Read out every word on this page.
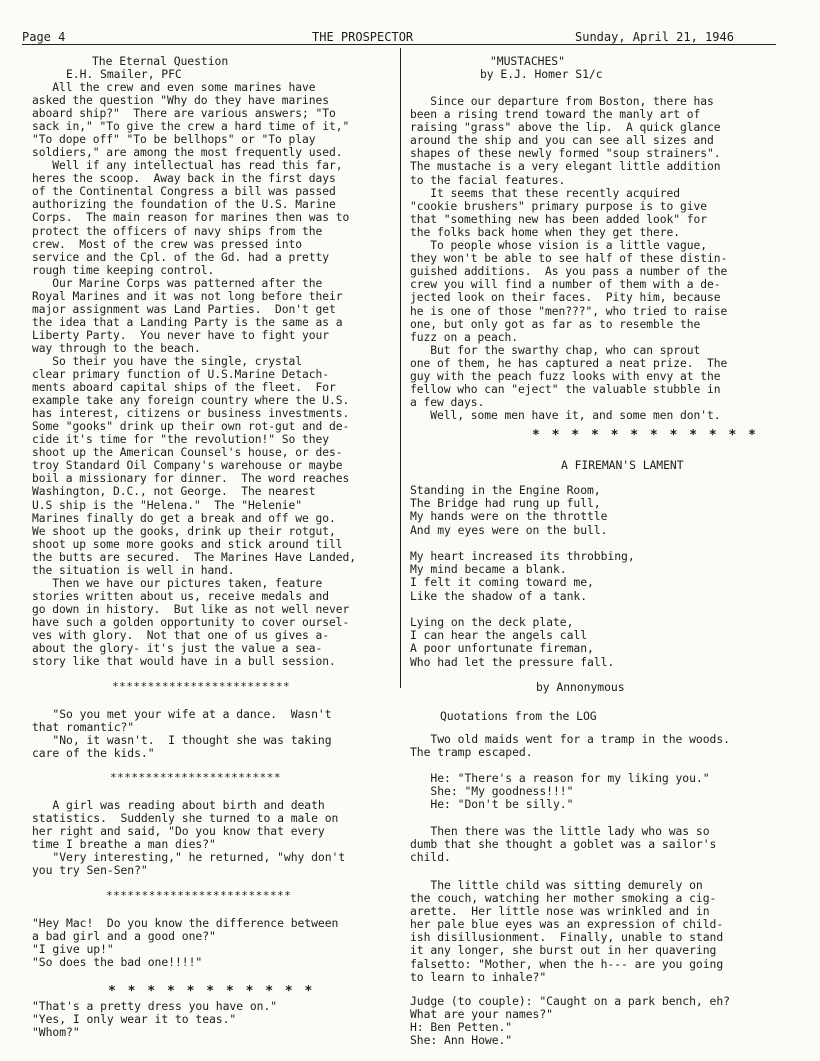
Page 4	THE PROSPECTOR	Sunday, April 21, 1946
The Eternal Question
E.H. Smailer, PFC
All the crew and even some marines have
asked the question "Why do they have marines
aboard ship?"  There are various answers; "To
sack in," "To give the crew a hard time of it,"
"To dope off" "To be bellhops" or "To play
soldiers," are among the most frequently used.
Well if any intellectual has read this far,
heres the scoop.  Away back in the first days
of the Continental Congress a bill was passed
authorizing the foundation of the U.S. Marine
Corps.  The main reason for marines then was to
protect the officers of navy ships from the
crew.  Most of the crew was pressed into
service and the Cpl. of the Gd. had a pretty
rough time keeping control.
Our Marine Corps was patterned after the
Royal Marines and it was not long before their
major assignment was Land Parties.  Don't get
the idea that a Landing Party is the same as a
Liberty Party.  You never have to fight your
way through to the beach.
So their you have the single, crystal
clear primary function of U.S.Marine Detach-
ments aboard capital ships of the fleet.  For
example take any foreign country where the U.S.
has interest, citizens or business investments.
Some "gooks" drink up their own rot-gut and de-
cide it's time for "the revolution!" So they
shoot up the American Counsel's house, or des-
troy Standard Oil Company's warehouse or maybe
boil a missionary for dinner.  The word reaches
Washington, D.C., not George.  The nearest
U.S ship is the "Helena."  The "Helenie"
Marines finally do get a break and off we go.
We shoot up the gooks, drink up their rotgut,
shoot up some more gooks and stick around till
the butts are secured.  The Marines Have Landed,
the situation is well in hand.
Then we have our pictures taken, feature
stories written about us, receive medals and
go down in history.  But like as not well never
have such a golden opportunity to cover oursel-
ves with glory.  Not that one of us gives a-
about the glory- it's just the value a sea-
story like that would have in a bull session.
*************************
"So you met your wife at a dance.  Wasn't
that romantic?"
"No, it wasn't.  I thought she was taking
care of the kids."
************************
A girl was reading about birth and death
statistics.  Suddenly she turned to a male on
her right and said, "Do you know that every
time I breathe a man dies?"
"Very interesting," he returned, "why don't
you try Sen-Sen?"
**************************
"Hey Mac!  Do you know the difference between
a bad girl and a good one?"
"I give up!"
"So does the bad one!!!!"
* * * * * * * * * * *
"That's a pretty dress you have on."
"Yes, I only wear it to teas."
"Whom?"
"MUSTACHES"
by E.J. Homer S1/c
Since our departure from Boston, there has
been a rising trend toward the manly art of
raising "grass" above the lip.  A quick glance
around the ship and you can see all sizes and
shapes of these newly formed "soup strainers".
The mustache is a very elegant little addition
to the facial features.
It seems that these recently acquired
"cookie brushers" primary purpose is to give
that "something new has been added look" for
the folks back home when they get there.
To people whose vision is a little vague,
they won't be able to see half of these distin-
guished additions.  As you pass a number of the
crew you will find a number of them with a de-
jected look on their faces.  Pity him, because
he is one of those "men???", who tried to raise
one, but only got as far as to resemble the
fuzz on a peach.
But for the swarthy chap, who can sprout
one of them, he has captured a neat prize.  The
guy with the peach fuzz looks with envy at the
fellow who can "eject" the valuable stubble in
a few days.
Well, some men have it, and some men don't.
* * * * * * * * * * * *
A FIREMAN'S LAMENT
Standing in the Engine Room,
The Bridge had rung up full,
My hands were on the throttle
And my eyes were on the bull.

My heart increased its throbbing,
My mind became a blank.
I felt it coming toward me,
Like the shadow of a tank.

Lying on the deck plate,
I can hear the angels call
A poor unfortunate fireman,
Who had let the pressure fall.
by Annonymous
Quotations from the LOG
Two old maids went for a tramp in the woods.
The tramp escaped.
He: "There's a reason for my liking you."
She: "My goodness!!!"
He: "Don't be silly."
Then there was the little lady who was so
dumb that she thought a goblet was a sailor's
child.
The little child was sitting demurely on
the couch, watching her mother smoking a cig-
arette.  Her little nose was wrinkled and in
her pale blue eyes was an expression of child-
ish disillusionment.  Finally, unable to stand
it any longer, she burst out in her quavering
falsetto: "Mother, when the h--- are you going
to learn to inhale?"
Judge (to couple): "Caught on a park bench, eh?
What are your names?"
H: Ben Petten."
She: Ann Howe."
